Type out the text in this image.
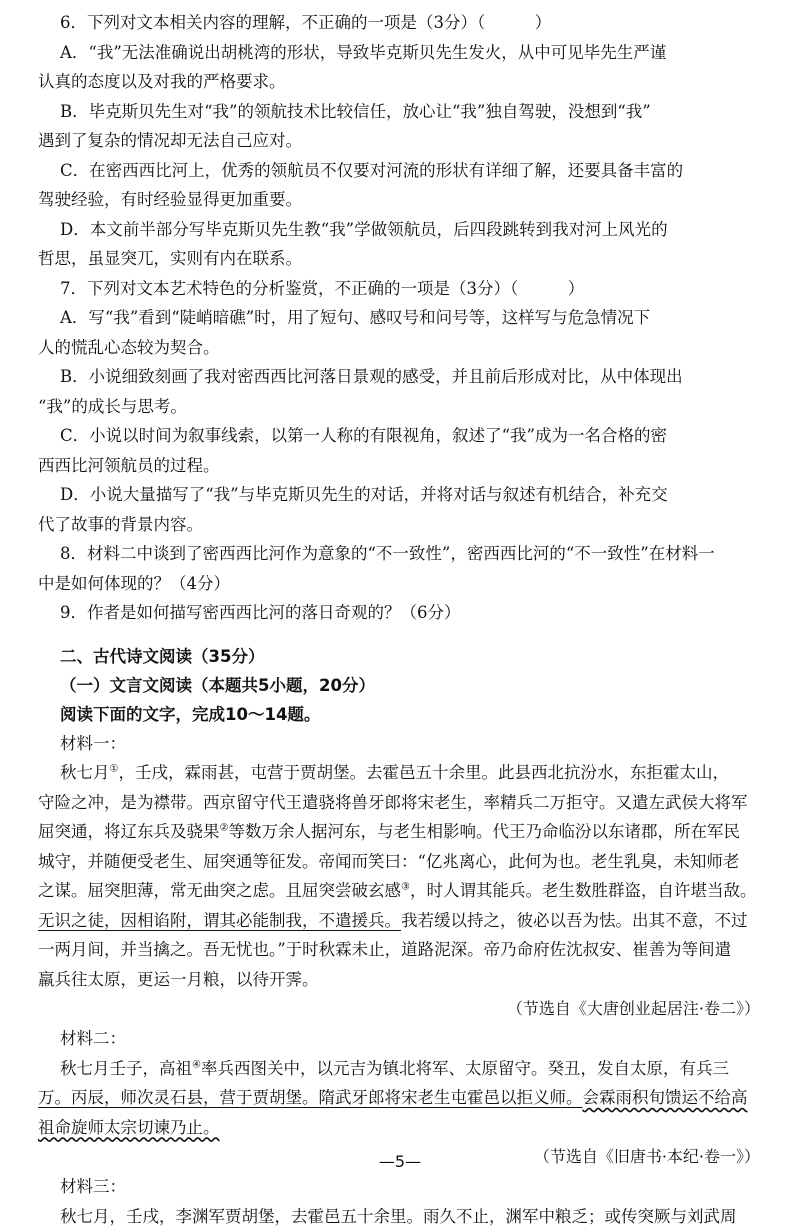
6．下列对文本相关内容的理解，不正确的一项是（3分）（　　　）
A．“我”无法准确说出胡桃湾的形状，导致毕克斯贝先生发火，从中可见毕先生严谨
认真的态度以及对我的严格要求。
B．毕克斯贝先生对“我”的领航技术比较信任，放心让“我”独自驾驶，没想到“我”
遇到了复杂的情况却无法自己应对。
C．在密西西比河上，优秀的领航员不仅要对河流的形状有详细了解，还要具备丰富的
驾驶经验，有时经验显得更加重要。
D．本文前半部分写毕克斯贝先生教“我”学做领航员，后四段跳转到我对河上风光的
哲思，虽显突兀，实则有内在联系。
7．下列对文本艺术特色的分析鉴赏，不正确的一项是（3分）（　　　）
A．写“我”看到“陡峭暗礁”时，用了短句、感叹号和问号等，这样写与危急情况下
人的慌乱心态较为契合。
B．小说细致刻画了我对密西西比河落日景观的感受，并且前后形成对比，从中体现出
“我”的成长与思考。
C．小说以时间为叙事线索，以第一人称的有限视角，叙述了“我”成为一名合格的密
西西比河领航员的过程。
D．小说大量描写了“我”与毕克斯贝先生的对话，并将对话与叙述有机结合，补充交
代了故事的背景内容。
8．材料二中谈到了密西西比河作为意象的“不一致性”，密西西比河的“不一致性”在材料一
中是如何体现的？（4分）
9．作者是如何描写密西西比河的落日奇观的？（6分）
二、古代诗文阅读（35分）
（一）文言文阅读（本题共5小题，20分）
阅读下面的文字，完成10～14题。
材料一：
秋七月①，壬戌，霖雨甚，屯营于贾胡堡。去霍邑五十余里。此县西北抗汾水，东拒霍太山，
守险之冲，是为襟带。西京留守代王遣骁将兽牙郎将宋老生，率精兵二万拒守。又遣左武侯大将军
屈突通，将辽东兵及骁果②等数万余人据河东，与老生相影响。代王乃命临汾以东诸郡，所在军民
城守，并随便受老生、屈突通等征发。帝闻而笑曰：“亿兆离心，此何为也。老生乳臭，未知师老
之谋。屈突胆薄，常无曲突之虑。且屈突尝破玄感③，时人谓其能兵。老生数胜群盗，自许堪当敌。
无识之徒，因相谄附，谓其必能制我，不遣援兵。我若缓以持之，彼必以吾为怯。出其不意，不过
一两月间，并当擒之。吾无忧也。”于时秋霖未止，道路泥深。帝乃命府佐沈叔安、崔善为等间遣
羸兵往太原，更运一月粮，以待开霁。
（节选自《大唐创业起居注·卷二》）
材料二：
秋七月壬子，高祖④率兵西图关中，以元吉为镇北将军、太原留守。癸丑，发自太原，有兵三
万。丙辰，师次灵石县，营于贾胡堡。隋武牙郎将宋老生屯霍邑以拒义师。会霖雨积旬馈运不给高
祖命旋师太宗切谏乃止。
（节选自《旧唐书·本纪·卷一》）
材料三：
秋七月，壬戌，李渊军贾胡堡，去霍邑五十余里。雨久不止，渊军中粮乏；或传突厥与刘武周
—5—
